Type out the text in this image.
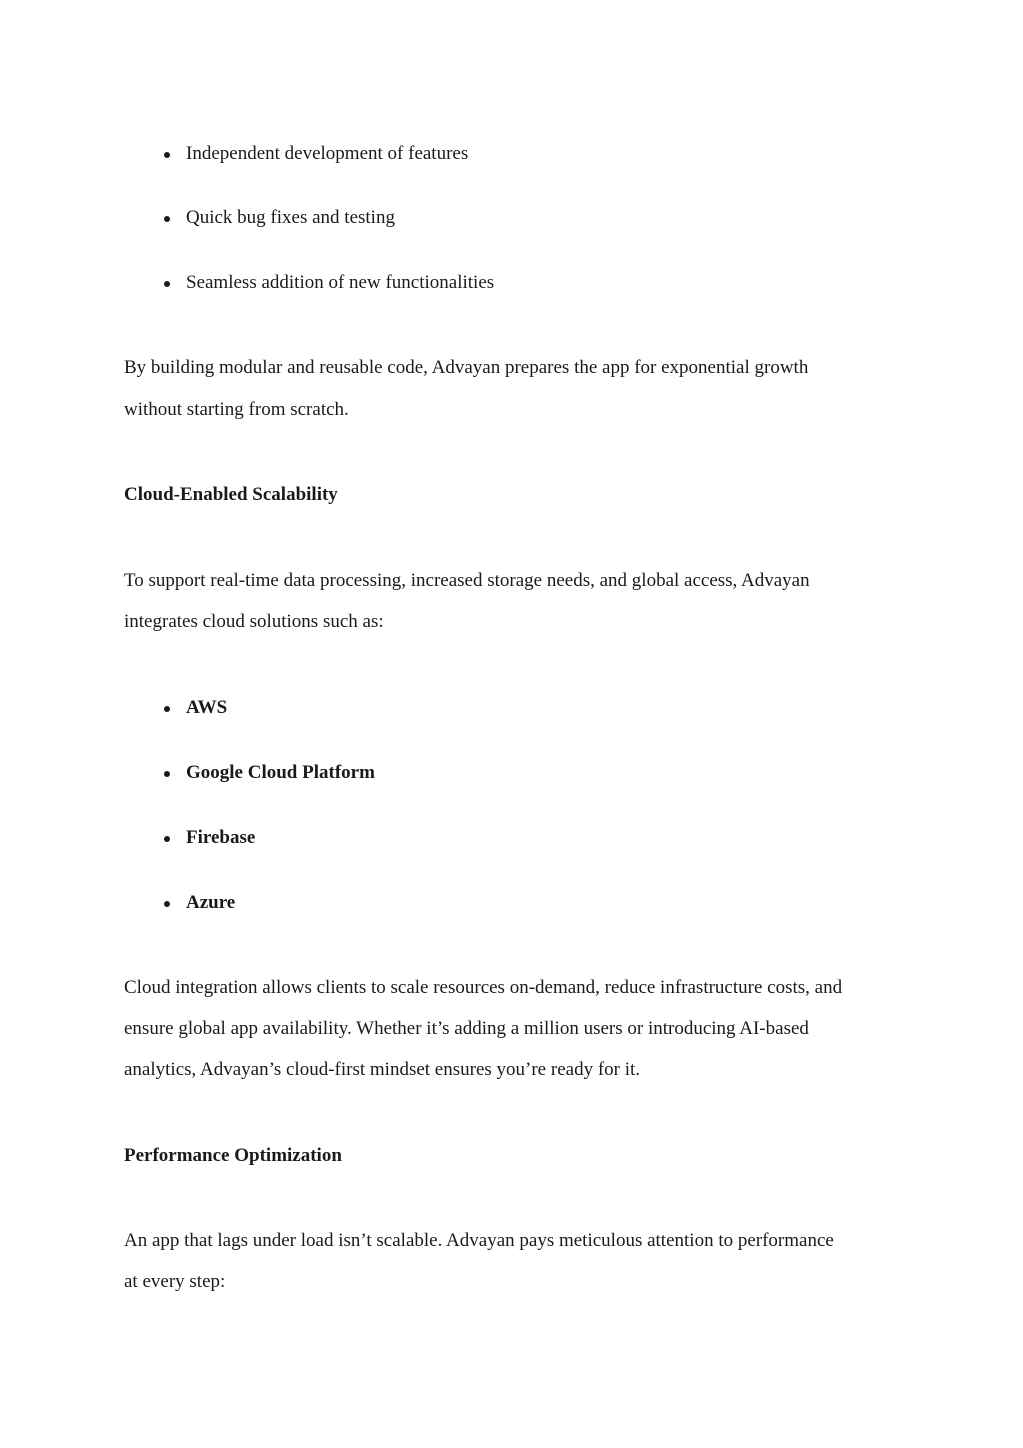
Independent development of features
Quick bug fixes and testing
Seamless addition of new functionalities
By building modular and reusable code, Advayan prepares the app for exponential growth
without starting from scratch.
Cloud-Enabled Scalability
To support real-time data processing, increased storage needs, and global access, Advayan
integrates cloud solutions such as:
AWS
Google Cloud Platform
Firebase
Azure
Cloud integration allows clients to scale resources on-demand, reduce infrastructure costs, and
ensure global app availability. Whether it’s adding a million users or introducing AI-based
analytics, Advayan’s cloud-first mindset ensures you’re ready for it.
Performance Optimization
An app that lags under load isn’t scalable. Advayan pays meticulous attention to performance
at every step:
